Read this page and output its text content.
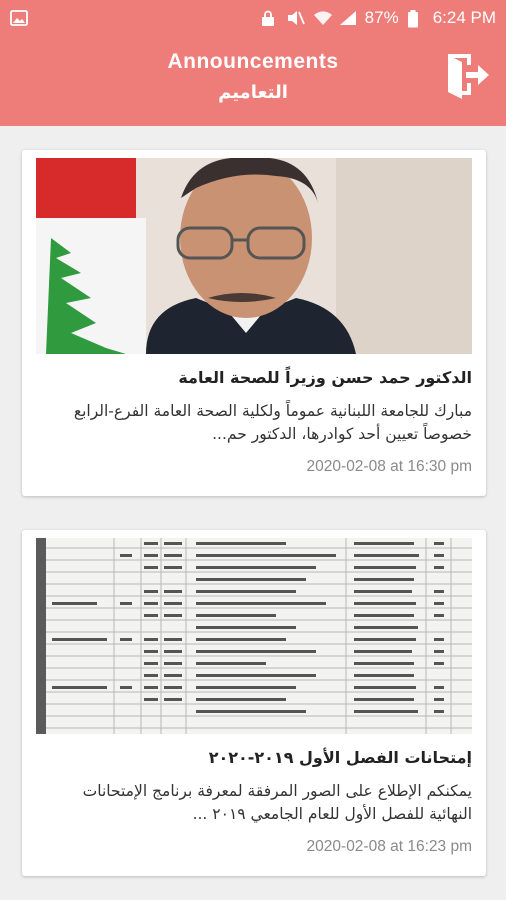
87% 6:24 PM
Announcements
التعاميم
الدكتور حمد حسن وزيراً للصحة العامة
مبارك للجامعة اللبنانية عموماً ولكلية الصحة العامة الفرع-الرابع خصوصاً تعيين أحد كوادرها، الدكتور حم...
2020-02-08 at 16:30 pm
إمتحانات الفصل الأول ٢٠١٩-٢٠٢٠
يمكنكم الإطلاع على الصور المرفقة لمعرفة برنامج الإمتحانات النهائية للفصل الأول للعام الجامعي ٢٠١٩ ...
2020-02-08 at 16:23 pm
